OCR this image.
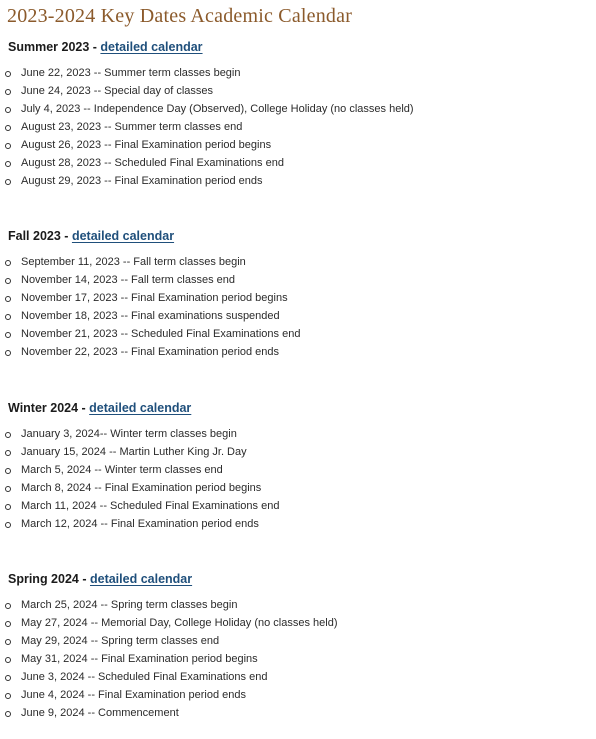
2023-2024 Key Dates Academic Calendar
Summer 2023 - detailed calendar
June 22, 2023 -- Summer term classes begin
June 24, 2023 -- Special day of classes
July 4, 2023 -- Independence Day (Observed), College Holiday (no classes held)
August 23, 2023 -- Summer term classes end
August 26, 2023 -- Final Examination period begins
August 28, 2023 -- Scheduled Final Examinations end
August 29, 2023 -- Final Examination period ends
Fall 2023 - detailed calendar
September 11, 2023 -- Fall term classes begin
November 14, 2023 -- Fall term classes end
November 17, 2023 -- Final Examination period begins
November 18, 2023 -- Final examinations suspended
November 21, 2023 -- Scheduled Final Examinations end
November 22, 2023 -- Final Examination period ends
Winter 2024 - detailed calendar
January 3, 2024-- Winter term classes begin
January 15, 2024 -- Martin Luther King Jr. Day
March 5, 2024 -- Winter term classes end
March 8, 2024 -- Final Examination period begins
March 11, 2024 -- Scheduled Final Examinations end
March 12, 2024 -- Final Examination period ends
Spring 2024 - detailed calendar
March 25, 2024 -- Spring term classes begin
May 27, 2024 -- Memorial Day, College Holiday (no classes held)
May 29, 2024 -- Spring term classes end
May 31, 2024 -- Final Examination period begins
June 3, 2024 -- Scheduled Final Examinations end
June 4, 2024 -- Final Examination period ends
June 9, 2024 -- Commencement
